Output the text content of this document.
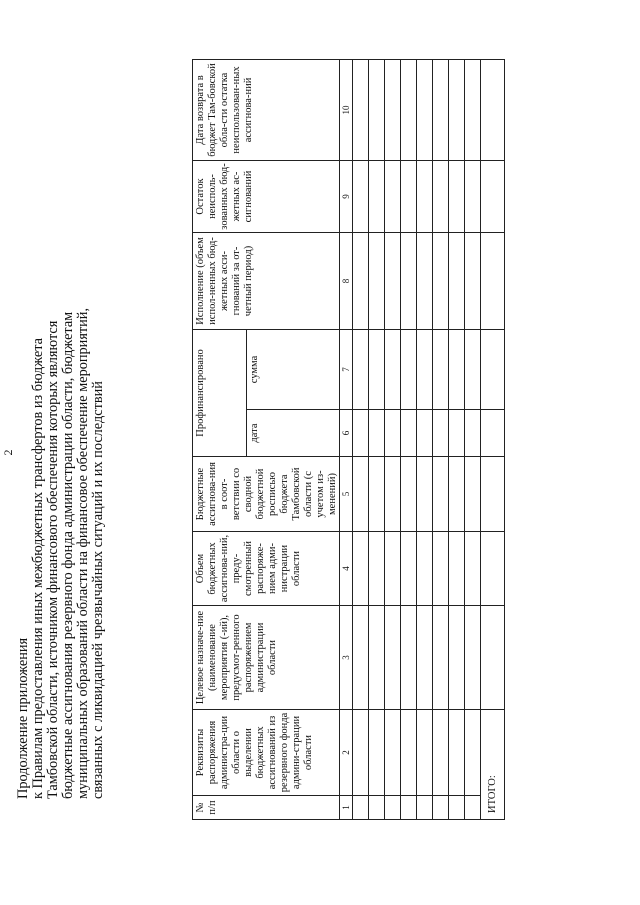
2
Продолжение приложения к Правилам предоставления иных межбюджетных трансфертов из бюджета Тамбовской области, источником финансового обеспечения которых являются бюджетные ассигнования резервного фонда администрации области, бюджетам муниципальных образований области на финансовое обеспечение мероприятий, связанных с ликвидацией чрезвычайных ситуаций и их последствий
№ п/п	Реквизиты распоряжения администра-ции области о выделении бюджетных ассигнований из резервного фонда админи-страции области	Целевое назначе-ние (наименование мероприятия (-ий), предусмот-ренного распоряжением администрации области	Объем бюджетных ассигнова-ний, преду-смотренный распоряже-нием адми-нистрации области	Бюджетные ассигнова-ния в соот-ветствии со сводной бюджетной росписью бюджета Тамбовской области (с учетом из-менений)	Профинансировано		Исполнение (объем испол-ненных бюд-жетных асси-гнований за от-четный период)	Остаток неисполь-зованных бюд-жетных ас-сигнований	Дата возврата в бюджет Там-бовской обла-сти остатка неиспользован-ных ассигнова-ний
					дата	сумма			
1	2	3	4	5	6	7	8	9	10

ИТОГО:									
